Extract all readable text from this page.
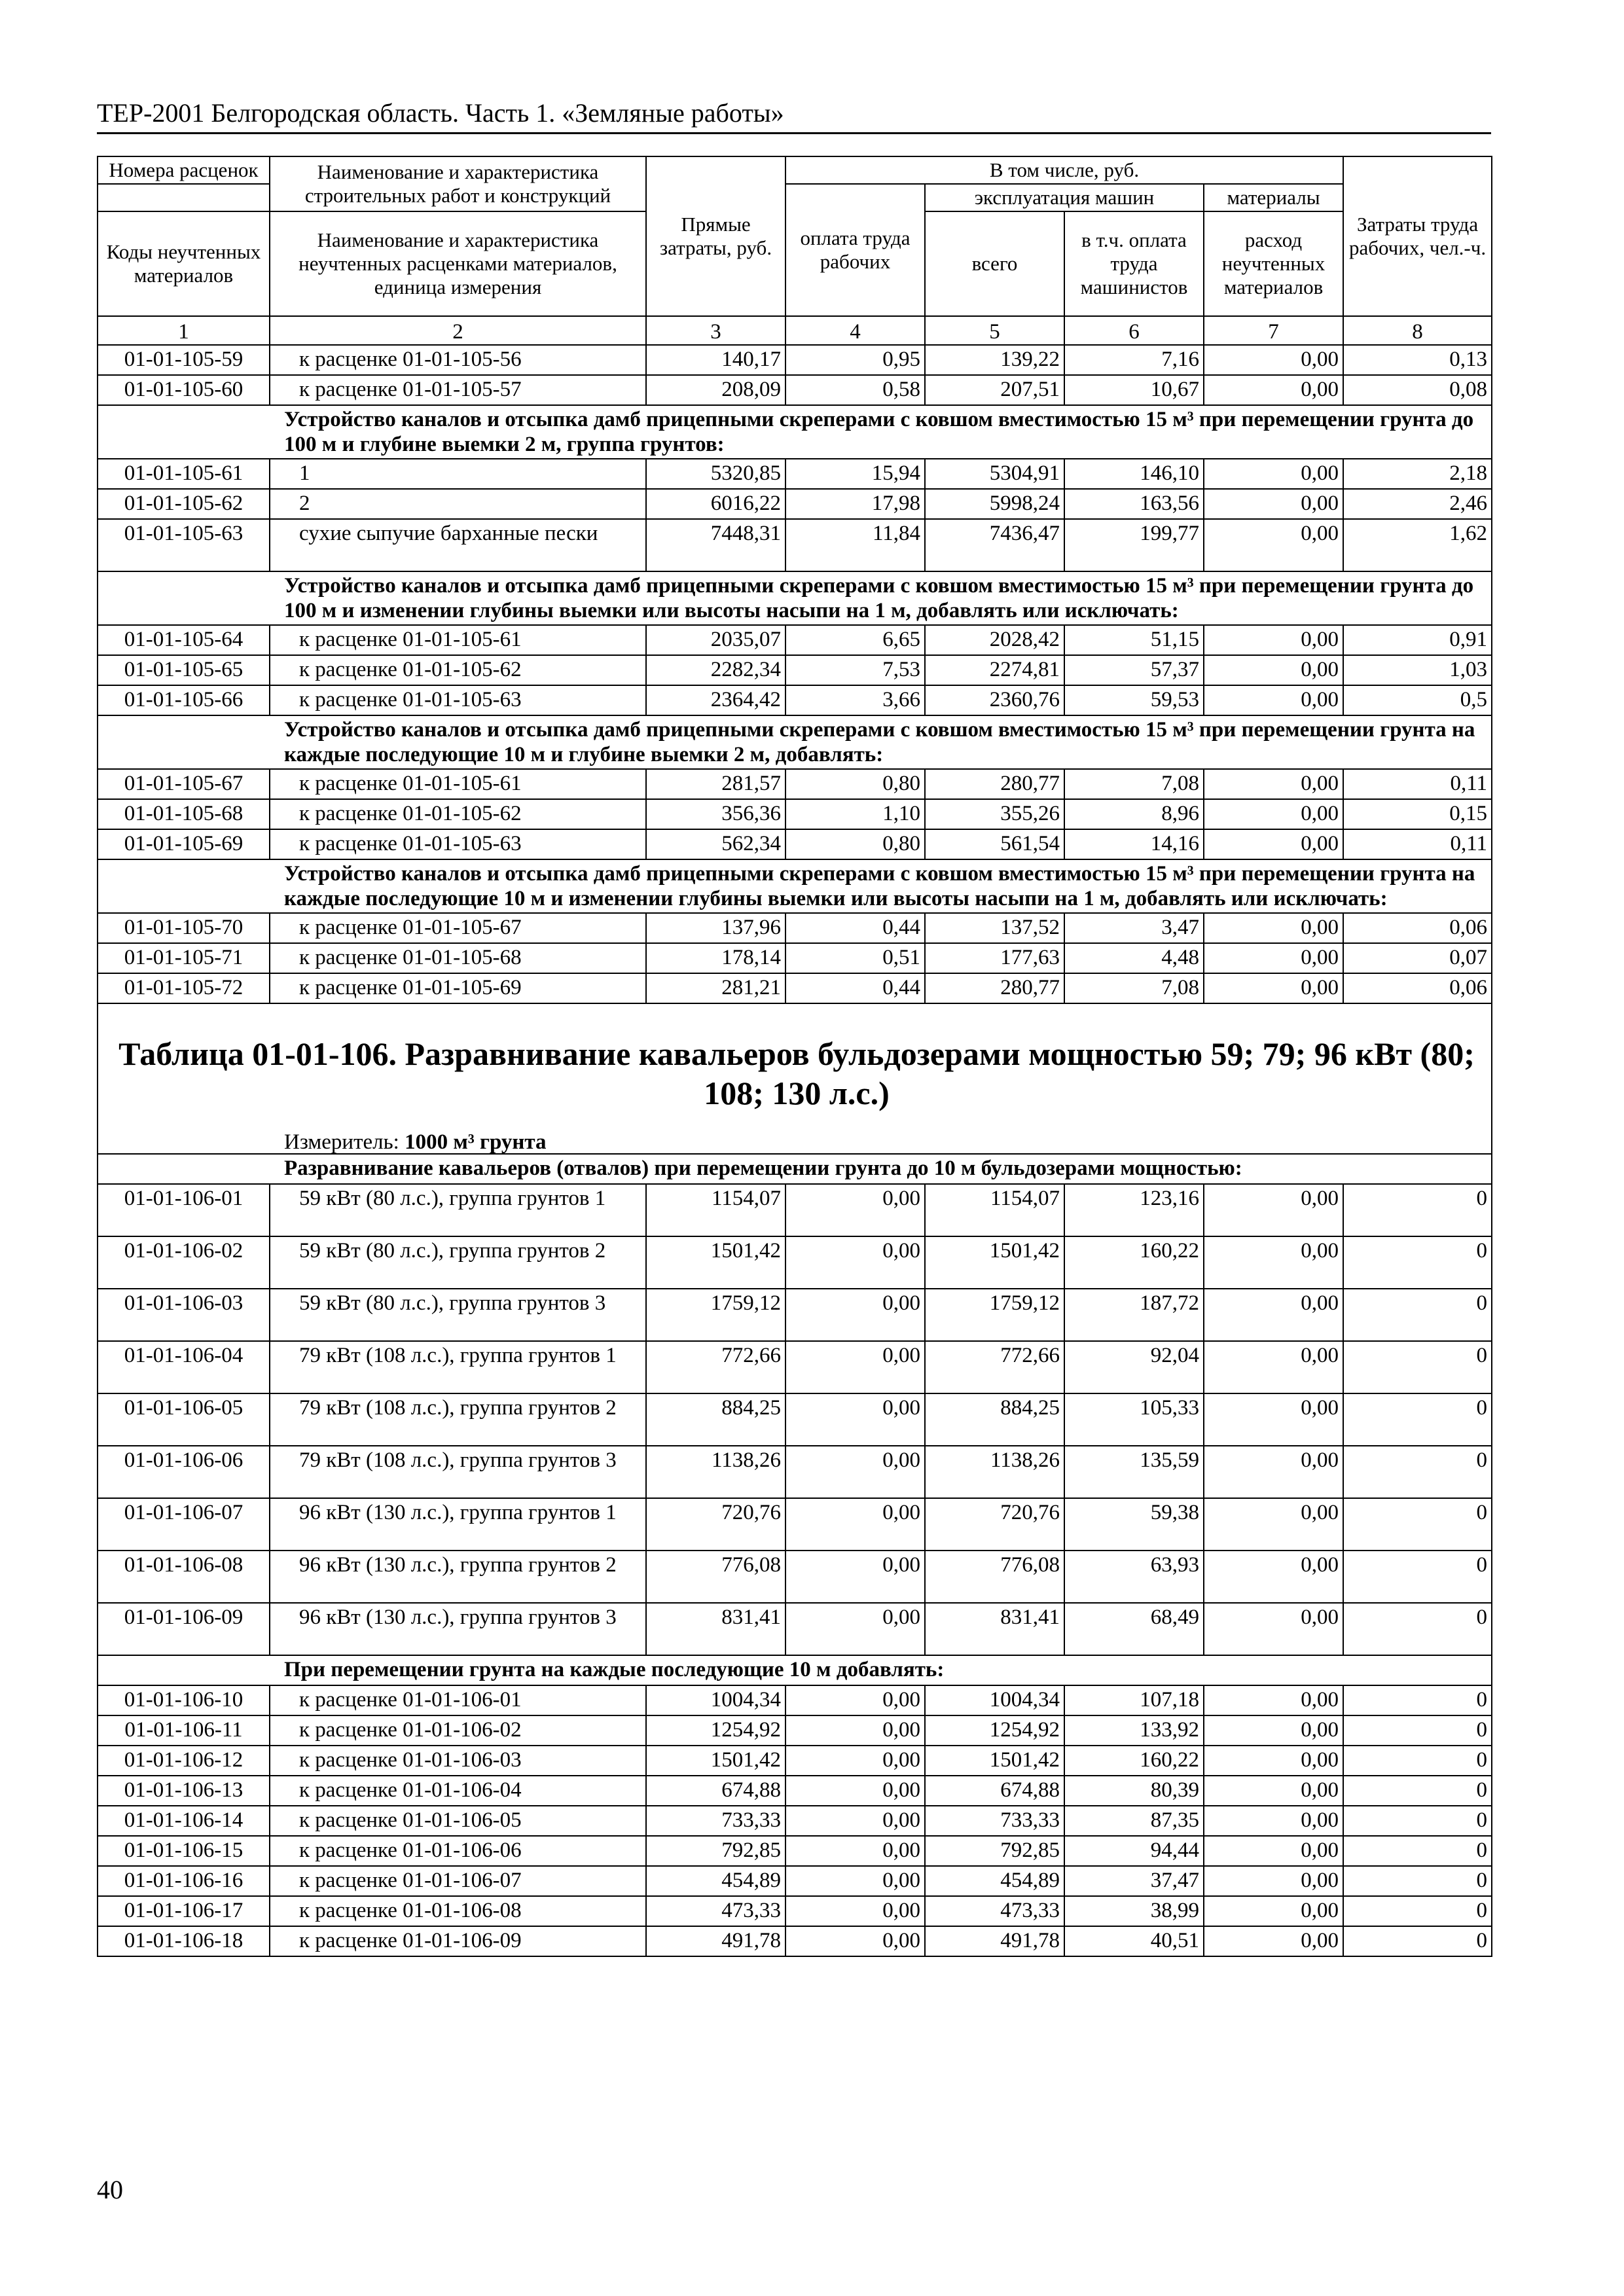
ТЕР-2001 Белгородская область. Часть 1. «Земляные работы»
Номера расценок	Наименование и характеристика строительных работ и конструкций	Прямые затраты, руб.	В том числе, руб.				Затраты труда рабочих, чел.-ч.
			оплата труда рабочих	эксплуатация машин		материалы	
Коды неучтенных материалов	Наименование и характеристика неучтенных расценками материалов, единица измерения			всего	в т.ч. оплата труда машинистов	расход неучтенных материалов	

1	2	3	4	5	6	7	8
01-01-105-59	к расценке 01-01-105-56	140,17	0,95	139,22	7,16	0,00	0,13
01-01-105-60	к расценке 01-01-105-57	208,09	0,58	207,51	10,67	0,00	0,08
Устройство каналов и отсыпка дамб прицепными скреперами с ковшом вместимостью 15 м³ при перемещении грунта до 100 м и глубине выемки 2 м, группа грунтов:							
01-01-105-61	1	5320,85	15,94	5304,91	146,10	0,00	2,18
01-01-105-62	2	6016,22	17,98	5998,24	163,56	0,00	2,46
01-01-105-63	сухие сыпучие барханные пески	7448,31	11,84	7436,47	199,77	0,00	1,62
Устройство каналов и отсыпка дамб прицепными скреперами с ковшом вместимостью 15 м³ при перемещении грунта до 100 м и изменении глубины выемки или высоты насыпи на 1 м, добавлять или исключать:							
01-01-105-64	к расценке 01-01-105-61	2035,07	6,65	2028,42	51,15	0,00	0,91
01-01-105-65	к расценке 01-01-105-62	2282,34	7,53	2274,81	57,37	0,00	1,03
01-01-105-66	к расценке 01-01-105-63	2364,42	3,66	2360,76	59,53	0,00	0,5
Устройство каналов и отсыпка дамб прицепными скреперами с ковшом вместимостью 15 м³ при перемещении грунта на каждые последующие 10 м и глубине выемки 2 м, добавлять:							
01-01-105-67	к расценке 01-01-105-61	281,57	0,80	280,77	7,08	0,00	0,11
01-01-105-68	к расценке 01-01-105-62	356,36	1,10	355,26	8,96	0,00	0,15
01-01-105-69	к расценке 01-01-105-63	562,34	0,80	561,54	14,16	0,00	0,11
Устройство каналов и отсыпка дамб прицепными скреперами с ковшом вместимостью 15 м³ при перемещении грунта на каждые последующие 10 м и изменении глубины выемки или высоты насыпи на 1 м, добавлять или исключать:							
01-01-105-70	к расценке 01-01-105-67	137,96	0,44	137,52	3,47	0,00	0,06
01-01-105-71	к расценке 01-01-105-68	178,14	0,51	177,63	4,48	0,00	0,07
01-01-105-72	к расценке 01-01-105-69	281,21	0,44	280,77	7,08	0,00	0,06

Таблица 01-01-106. Разравнивание кавальеров бульдозерами мощностью 59; 79; 96 кВт (80; 108; 130 л.с.)
Измеритель: 1000 м³ грунта							

Разравнивание кавальеров (отвалов) при перемещении грунта до 10 м бульдозерами мощностью:							
01-01-106-01	59 кВт (80 л.с.), группа грунтов 1	1154,07	0,00	1154,07	123,16	0,00	0
01-01-106-02	59 кВт (80 л.с.), группа грунтов 2	1501,42	0,00	1501,42	160,22	0,00	0
01-01-106-03	59 кВт (80 л.с.), группа грунтов 3	1759,12	0,00	1759,12	187,72	0,00	0
01-01-106-04	79 кВт (108 л.с.), группа грунтов 1	772,66	0,00	772,66	92,04	0,00	0
01-01-106-05	79 кВт (108 л.с.), группа грунтов 2	884,25	0,00	884,25	105,33	0,00	0
01-01-106-06	79 кВт (108 л.с.), группа грунтов 3	1138,26	0,00	1138,26	135,59	0,00	0
01-01-106-07	96 кВт (130 л.с.), группа грунтов 1	720,76	0,00	720,76	59,38	0,00	0
01-01-106-08	96 кВт (130 л.с.), группа грунтов 2	776,08	0,00	776,08	63,93	0,00	0
01-01-106-09	96 кВт (130 л.с.), группа грунтов 3	831,41	0,00	831,41	68,49	0,00	0
При перемещении грунта на каждые последующие 10 м добавлять:							
01-01-106-10	к расценке 01-01-106-01	1004,34	0,00	1004,34	107,18	0,00	0
01-01-106-11	к расценке 01-01-106-02	1254,92	0,00	1254,92	133,92	0,00	0
01-01-106-12	к расценке 01-01-106-03	1501,42	0,00	1501,42	160,22	0,00	0
01-01-106-13	к расценке 01-01-106-04	674,88	0,00	674,88	80,39	0,00	0
01-01-106-14	к расценке 01-01-106-05	733,33	0,00	733,33	87,35	0,00	0
01-01-106-15	к расценке 01-01-106-06	792,85	0,00	792,85	94,44	0,00	0
01-01-106-16	к расценке 01-01-106-07	454,89	0,00	454,89	37,47	0,00	0
01-01-106-17	к расценке 01-01-106-08	473,33	0,00	473,33	38,99	0,00	0
01-01-106-18	к расценке 01-01-106-09	491,78	0,00	491,78	40,51	0,00	0
40
